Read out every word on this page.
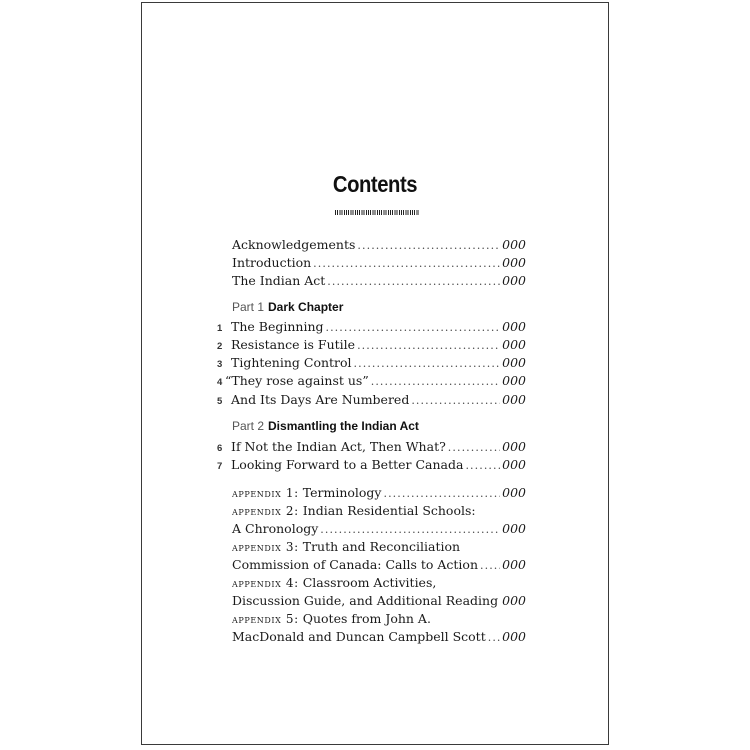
Contents
Acknowledgements . . .	000
Introduction . . .	000
The Indian Act . . .	000
Part 1 Dark Chapter
1 The Beginning . . .	000
2 Resistance is Futile . . .	000
3 Tightening Control . . .	000
4 “They rose against us” . . .	000
5 And Its Days Are Numbered . . .	000
Part 2 Dismantling the Indian Act
6 If Not the Indian Act, Then What? . . .	000
7 Looking Forward to a Better Canada . . .	000
appendix 1: Terminology . . .	000
appendix 2: Indian Residential Schools:
A Chronology . . .	000
appendix 3: Truth and Reconciliation
Commission of Canada: Calls to Action . . . 000
appendix 4: Classroom Activities,
Discussion Guide, and Additional Reading . . . 000
appendix 5: Quotes from John A.
MacDonald and Duncan Campbell Scott . . . 000
